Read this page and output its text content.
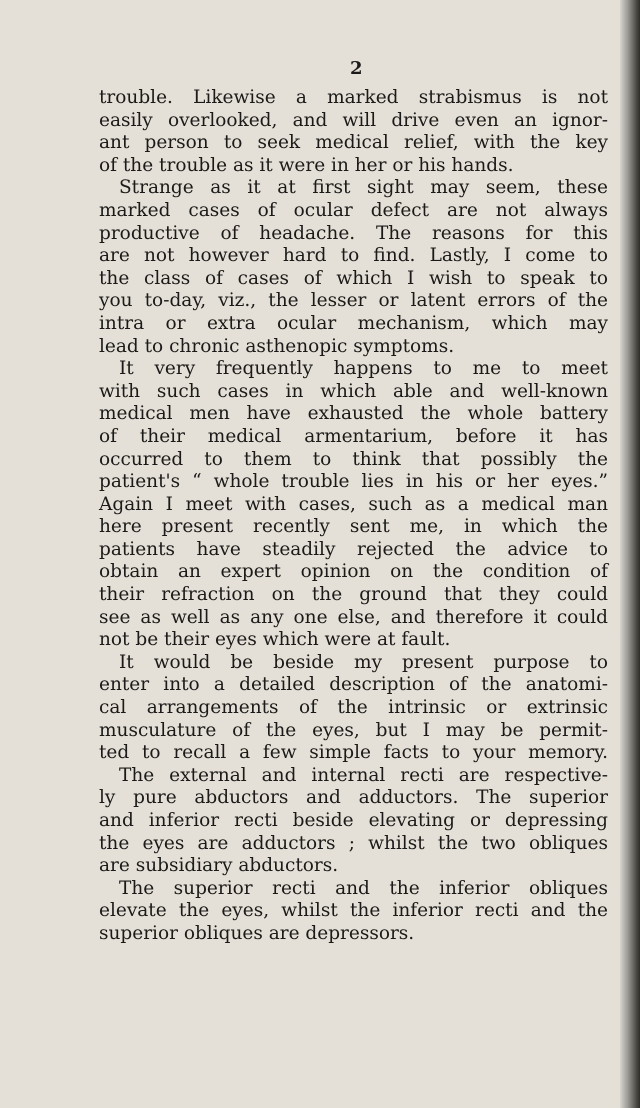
2
trouble. Likewise a marked strabismus is not
easily overlooked, and will drive even an ignor-
ant person to seek medical relief, with the key
of the trouble as it were in her or his hands.
Strange as it at first sight may seem, these
marked cases of ocular defect are not always
productive of headache. The reasons for this
are not however hard to find. Lastly, I come to
the class of cases of which I wish to speak to
you to-day, viz., the lesser or latent errors of the
intra or extra ocular mechanism, which may
lead to chronic asthenopic symptoms.
It very frequently happens to me to meet
with such cases in which able and well-known
medical men have exhausted the whole battery
of their medical armentarium, before it has
occurred to them to think that possibly the
patient's “ whole trouble lies in his or her eyes.”
Again I meet with cases, such as a medical man
here present recently sent me, in which the
patients have steadily rejected the advice to
obtain an expert opinion on the condition of
their refraction on the ground that they could
see as well as any one else, and therefore it could
not be their eyes which were at fault.
It would be beside my present purpose to
enter into a detailed description of the anatomi-
cal arrangements of the intrinsic or extrinsic
musculature of the eyes, but I may be permit-
ted to recall a few simple facts to your memory.
The external and internal recti are respective-
ly pure abductors and adductors. The superior
and inferior recti beside elevating or depressing
the eyes are adductors ; whilst the two obliques
are subsidiary abductors.
The superior recti and the inferior obliques
elevate the eyes, whilst the inferior recti and the
superior obliques are depressors.
